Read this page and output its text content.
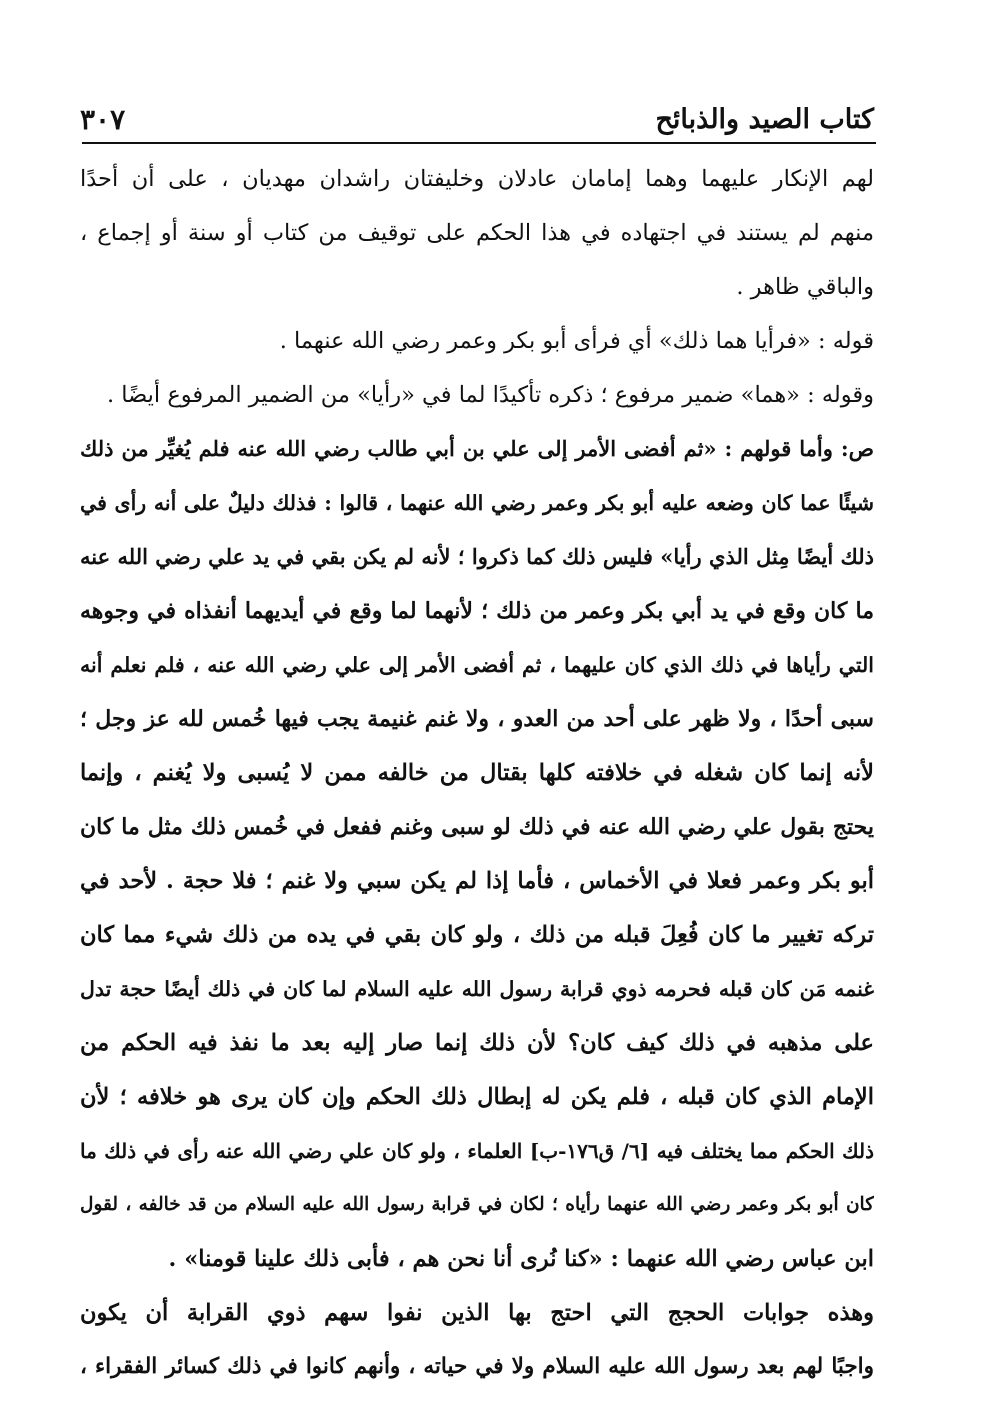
كتاب الصيد والذبائح
٣٠٧
لهم الإنكار عليهما وهما إمامان عادلان وخليفتان راشدان مهديان ، على أن أحدًا
منهم لم يستند في اجتهاده في هذا الحكم على توقيف من كتاب أو سنة أو إجماع ،
والباقي ظاهر .
قوله : «فرأيا هما ذلك» أي فرأى أبو بكر وعمر رضي الله عنهما .
وقوله : «هما» ضمير مرفوع ؛ ذكره تأكيدًا لما في «رأيا» من الضمير المرفوع أيضًا .
ص: وأما قولهم : «ثم أفضى الأمر إلى علي بن أبي طالب رضي الله عنه فلم يُغيِّر من ذلك
شيئًا عما كان وضعه عليه أبو بكر وعمر رضي الله عنهما ، قالوا : فذلك دليلٌ على أنه رأى في
ذلك أيضًا مِثل الذي رأيا» فليس ذلك كما ذكروا ؛ لأنه لم يكن بقي في يد علي رضي الله عنه
ما كان وقع في يد أبي بكر وعمر من ذلك ؛ لأنهما لما وقع في أيديهما أنفذاه في وجوهه
التي رأياها في ذلك الذي كان عليهما ، ثم أفضى الأمر إلى علي رضي الله عنه ، فلم نعلم أنه
سبى أحدًا ، ولا ظهر على أحد من العدو ، ولا غنم غنيمة يجب فيها خُمس لله عز وجل ؛
لأنه إنما كان شغله في خلافته كلها بقتال من خالفه ممن لا يُسبى ولا يُغنم ، وإنما
يحتج بقول علي رضي الله عنه في ذلك لو سبى وغنم ففعل في خُمس ذلك مثل ما كان
أبو بكر وعمر فعلا في الأخماس ، فأما إذا لم يكن سبي ولا غنم ؛ فلا حجة . لأحد في
تركه تغيير ما كان فُعِلَ قبله من ذلك ، ولو كان بقي في يده من ذلك شيء مما كان
غنمه مَن كان قبله فحرمه ذوي قرابة رسول الله عليه السلام لما كان في ذلك أيضًا حجة تدل
على مذهبه في ذلك كيف كان؟ لأن ذلك إنما صار إليه بعد ما نفذ فيه الحكم من
الإمام الذي كان قبله ، فلم يكن له إبطال ذلك الحكم وإن كان يرى هو خلافه ؛ لأن
ذلك الحكم مما يختلف فيه [٦/ ق١٧٦-ب] العلماء ، ولو كان علي رضي الله عنه رأى في ذلك ما
كان أبو بكر وعمر رضي الله عنهما رأياه ؛ لكان في قرابة رسول الله عليه السلام من قد خالفه ، لقول
ابن عباس رضي الله عنهما : «كنا نُرى أنا نحن هم ، فأبى ذلك علينا قومنا» .
وهذه جوابات الحجج التي احتج بها الذين نفوا سهم ذوي القرابة أن يكون
واجبًا لهم بعد رسول الله عليه السلام ولا في حياته ، وأنهم كانوا في ذلك كسائر الفقراء ،
